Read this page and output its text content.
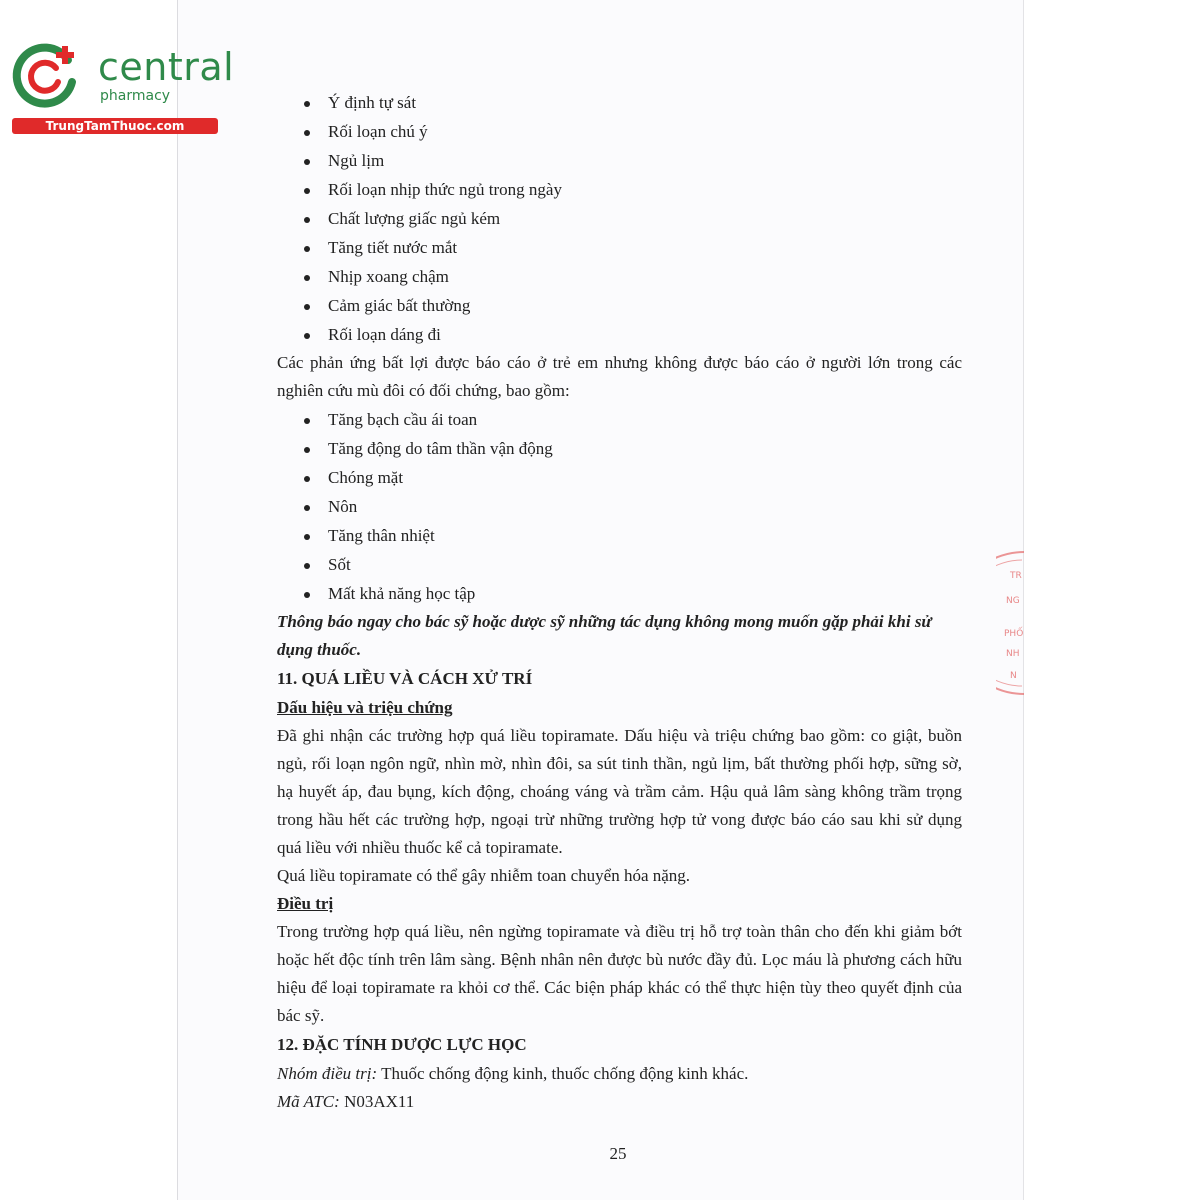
central
pharmacy
TrungTamThuoc.com
Ý định tự sát
Rối loạn chú ý
Ngủ lịm
Rối loạn nhịp thức ngủ trong ngày
Chất lượng giấc ngủ kém
Tăng tiết nước mắt
Nhịp xoang chậm
Cảm giác bất thường
Rối loạn dáng đi

Các phản ứng bất lợi được báo cáo ở trẻ em nhưng không được báo cáo ở người lớn trong các nghiên cứu mù đôi có đối chứng, bao gồm:

Tăng bạch cầu ái toan
Tăng động do tâm thần vận động
Chóng mặt
Nôn
Tăng thân nhiệt
Sốt
Mất khả năng học tập

Thông báo ngay cho bác sỹ hoặc dược sỹ những tác dụng không mong muốn gặp phải khi sử dụng thuốc.

11. QUÁ LIỀU VÀ CÁCH XỬ TRÍ

Dấu hiệu và triệu chứng

Đã ghi nhận các trường hợp quá liều topiramate. Dấu hiệu và triệu chứng bao gồm: co giật, buồn ngủ, rối loạn ngôn ngữ, nhìn mờ, nhìn đôi, sa sút tinh thần, ngủ lịm, bất thường phối hợp, sững sờ, hạ huyết áp, đau bụng, kích động, choáng váng và trầm cảm. Hậu quả lâm sàng không trầm trọng trong hầu hết các trường hợp, ngoại trừ những trường hợp tử vong được báo cáo sau khi sử dụng quá liều với nhiều thuốc kể cả topiramate.

Quá liều topiramate có thể gây nhiễm toan chuyển hóa nặng.

Điều trị

Trong trường hợp quá liều, nên ngừng topiramate và điều trị hỗ trợ toàn thân cho đến khi giảm bớt hoặc hết độc tính trên lâm sàng. Bệnh nhân nên được bù nước đầy đủ. Lọc máu là phương cách hữu hiệu để loại topiramate ra khỏi cơ thể. Các biện pháp khác có thể thực hiện tùy theo quyết định của bác sỹ.

12. ĐẶC TÍNH DƯỢC LỰC HỌC

Nhóm điều trị: Thuốc chống động kinh, thuốc chống động kinh khác.

Mã ATC: N03AX11

25
TR
NG
PHỐ
NH
N
